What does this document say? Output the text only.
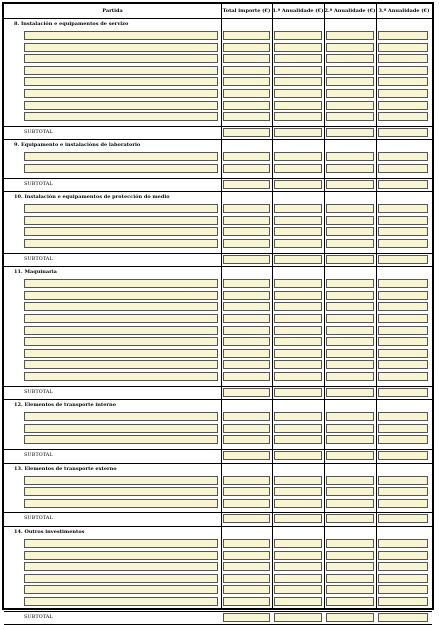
Partida	Total importe (€) 1.ª Anualidade (€) 2.ª Anualidade (€) 3.ª Anualidade (€)
8. Instalación e equipamentos de servizo
SUBTOTAL
9. Equipamento e instalacións de laboratorio
SUBTOTAL
10. Instalación e equipamentos de protección do medio
SUBTOTAL
11. Maquinaria
SUBTOTAL
12. Elementos de transporte interno
SUBTOTAL
13. Elementos de transporte externo
SUBTOTAL
14. Outros investimentos
SUBTOTAL
